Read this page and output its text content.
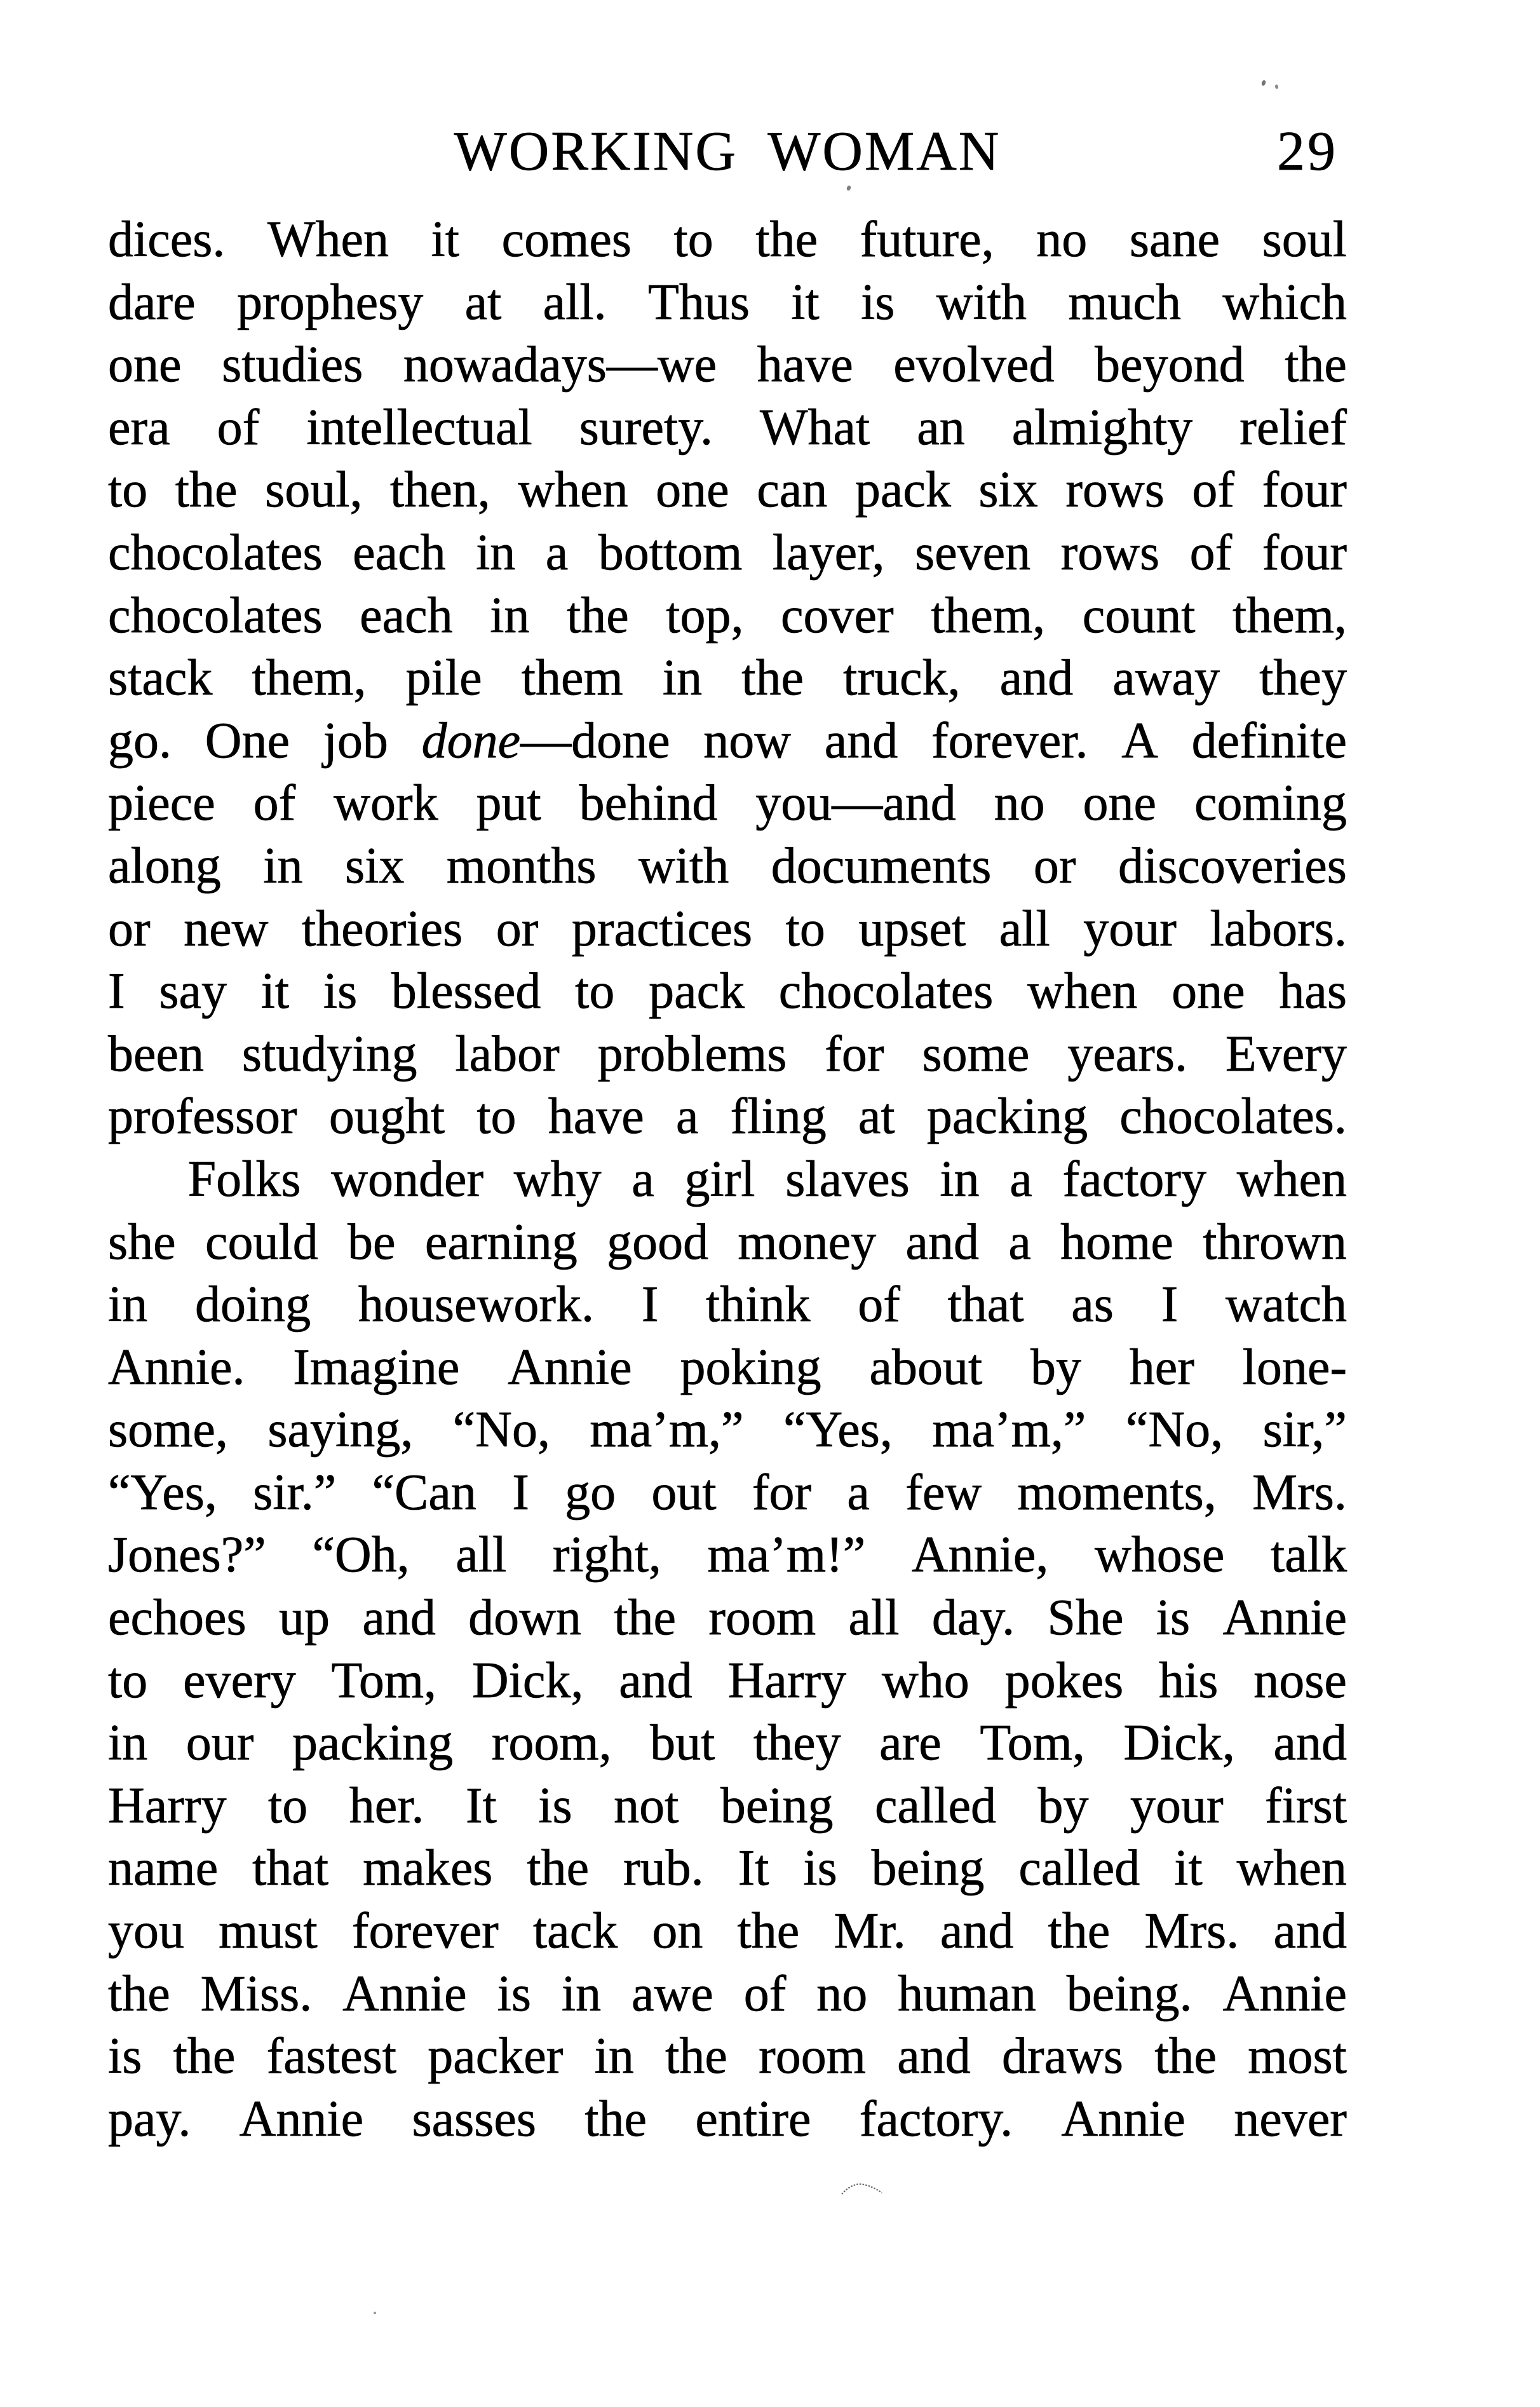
WORKING WOMAN	29
dices. When it comes to the future, no sane soul
dare prophesy at all. Thus it is with much which
one studies nowadays—we have evolved beyond the
era of intellectual surety. What an almighty relief
to the soul, then, when one can pack six rows of four
chocolates each in a bottom layer, seven rows of four
chocolates each in the top, cover them, count them,
stack them, pile them in the truck, and away they
go. One job done—done now and forever. A definite
piece of work put behind you—and no one coming
along in six months with documents or discoveries
or new theories or practices to upset all your labors.
I say it is blessed to pack chocolates when one has
been studying labor problems for some years. Every
professor ought to have a fling at packing chocolates.
Folks wonder why a girl slaves in a factory when
she could be earning good money and a home thrown
in doing housework. I think of that as I watch
Annie. Imagine Annie poking about by her lone-
some, saying, “No, ma’m,” “Yes, ma’m,” “No, sir,”
“Yes, sir.” “Can I go out for a few moments, Mrs.
Jones?” “Oh, all right, ma’m!” Annie, whose talk
echoes up and down the room all day. She is Annie
to every Tom, Dick, and Harry who pokes his nose
in our packing room, but they are Tom, Dick, and
Harry to her. It is not being called by your first
name that makes the rub. It is being called it when
you must forever tack on the Mr. and the Mrs. and
the Miss. Annie is in awe of no human being. Annie
is the fastest packer in the room and draws the most
pay. Annie sasses the entire factory. Annie never
